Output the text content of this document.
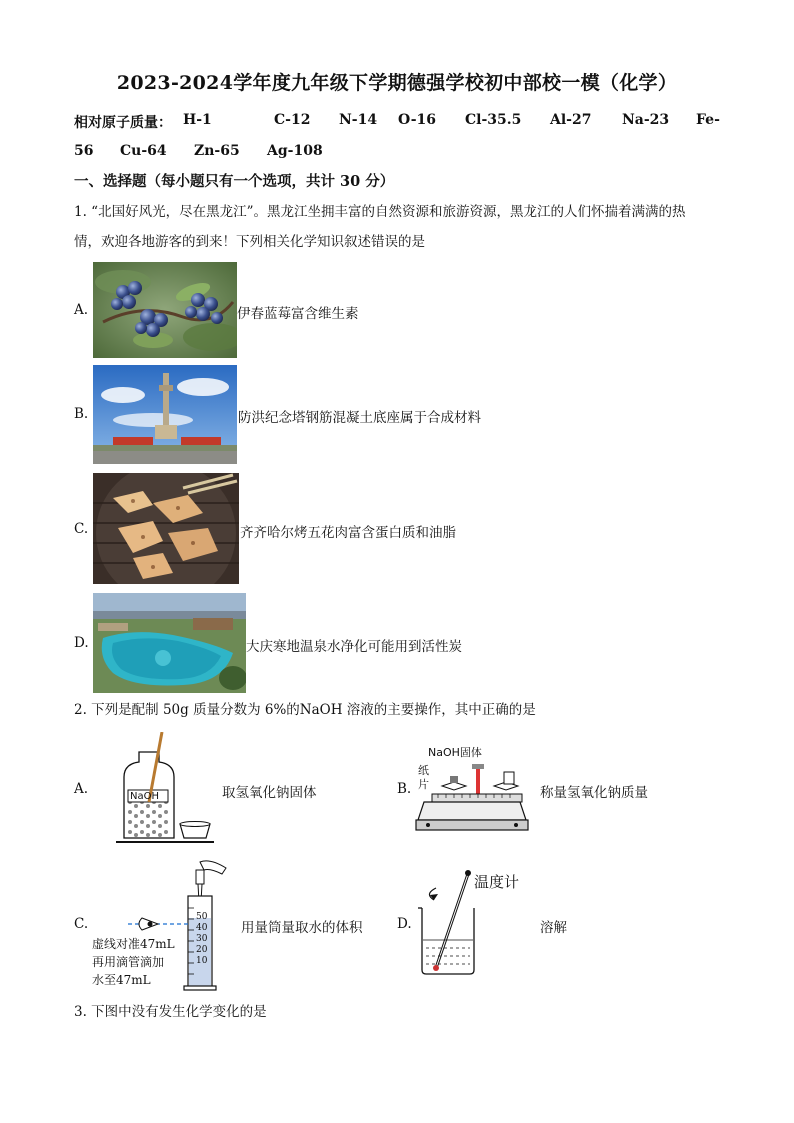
2023-2024学年度九年级下学期德强学校初中部校一模（化学）
相对原子质量： H-1	C-12 N-14 O-16 Cl-35.5 Al-27 Na-23 Fe-
56 Cu-64 Zn-65 Ag-108
一、选择题（每小题只有一个选项，共计 30 分）
1. “北国好风光，尽在黑龙江”。黑龙江坐拥丰富的自然资源和旅游资源，黑龙江的人们怀揣着满满的热
情，欢迎各地游客的到来！下列相关化学知识叙述错误的是
A.	伊春蓝莓富含维生素
B.	防洪纪念塔钢筋混凝土底座属于合成材料
C.	齐齐哈尔烤五花肉富含蛋白质和油脂
D.	大庆寒地温泉水净化可能用到活性炭
2. 下列是配制 50g 质量分数为 6%的NaOH 溶液的主要操作，其中正确的是
A.	NaOH	取氢氧化钠固体	B.
NaOH固体
纸
片
称量氢氧化钠质量
C.	50
40
30
20
10
虚线对准47mL
再用滴管滴加
水至47mL
用量筒量取水的体积	D.
温度计
溶解
3. 下图中没有发生化学变化的是
